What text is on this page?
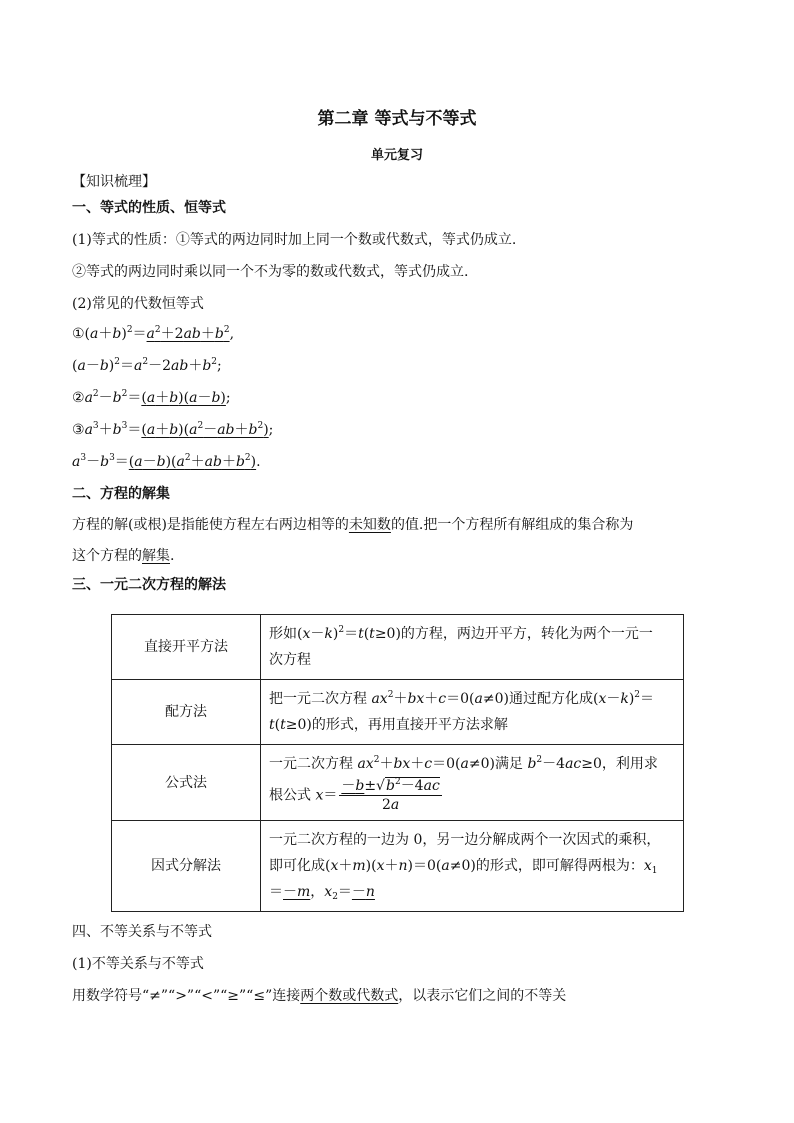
第二章 等式与不等式
单元复习
【知识梳理】
一、等式的性质、恒等式
(1)等式的性质：①等式的两边同时加上同一个数或代数式，等式仍成立.
②等式的两边同时乘以同一个不为零的数或代数式，等式仍成立.
(2)常见的代数恒等式
$①(a+b)^2=a^2+2ab+b^2$,
$(a-b)^2=a^2-2ab+b^2$;
$②a^2-b^2=(a+b)(a-b)$;
$③a^3+b^3=(a+b)(a^2-ab+b^2)$;
$a^3-b^3=(a-b)(a^2+ab+b^2)$.
二、方程的解集
方程的解(或根)是指能使方程左右两边相等的未知数的值.把一个方程所有解组成的集合称为
这个方程的解集.
三、一元二次方程的解法
直接开平方法	形如$(x-k)^2=t(t\ge 0)$的方程，两边开平方，转化为两个一元一
次方程
配方法	把一元二次方程 $ax^2+bx+c=0(a\ne 0)$通过配方化成$(x-k)^2=$
t(t≥0)的形式，再用直接开平方法求解
公式法	一元二次方程 $ax^2+bx+c=0(a\ne 0)$满足 $b^2-4ac\ge 0$，利用求
根公式 $x= \frac{-b\pm√b^2-4ac}{2a}$

因式分解法	一元二次方程的一边为 0，另一边分解成两个一次因式的乘积，
即可化成(x＋m)(x＋n)＝0(a≠0)的形式，即可解得两根为：$x_1$
＝－m，$x_2=-n$
四、不等关系与不等式
(1)不等关系与不等式
用数学符号“≠”“>”“<”“≥”“≤”连接两个数或代数式，以表示它们之间的不等关
